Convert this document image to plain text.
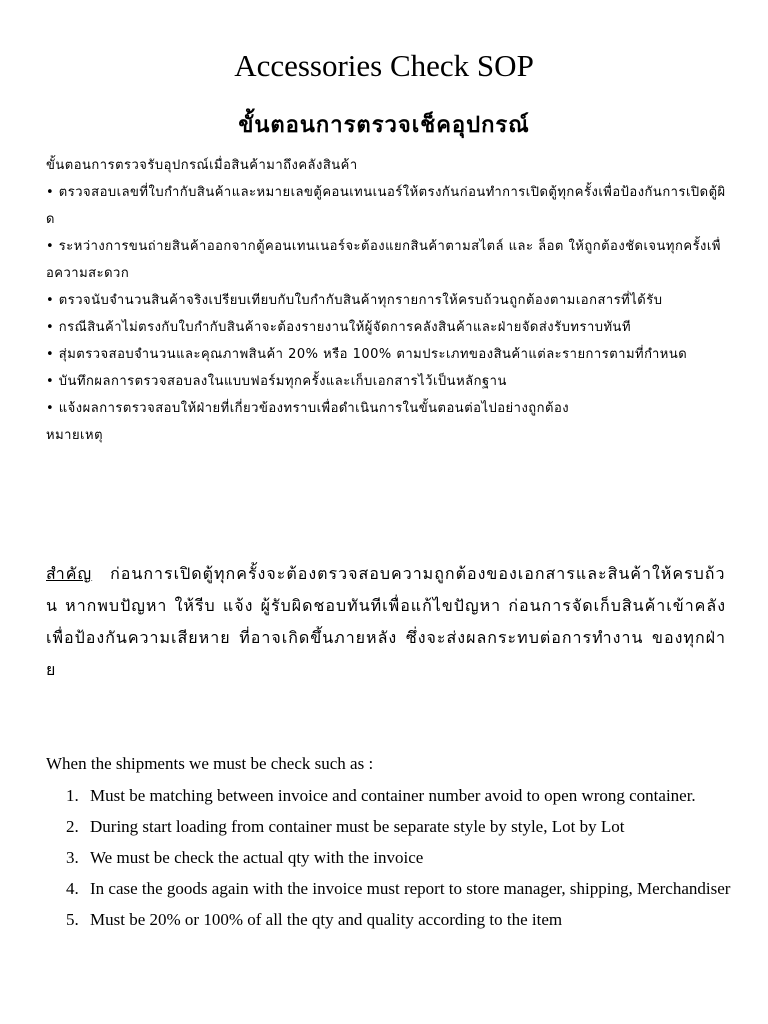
Accessories Check SOP
ขั้นตอนการตรวจเช็คอุปกรณ์

ขั้นตอนการตรวจรับอุปกรณ์เมื่อสินค้ามาถึงคลังสินค้า

• ตรวจสอบเลขที่ใบกำกับสินค้าและหมายเลขตู้คอนเทนเนอร์ให้ตรงกันก่อนทำการเปิดตู้ทุกครั้งเพื่อป้องกันการเปิดตู้ผิด

• ระหว่างการขนถ่ายสินค้าออกจากตู้คอนเทนเนอร์จะต้องแยกสินค้าตามสไตล์ และ ล็อต ให้ถูกต้องชัดเจนทุกครั้งเพื่อความสะดวก

• ตรวจนับจำนวนสินค้าจริงเปรียบเทียบกับใบกำกับสินค้าทุกรายการให้ครบถ้วนถูกต้องตามเอกสารที่ได้รับ

• กรณีสินค้าไม่ตรงกับใบกำกับสินค้าจะต้องรายงานให้ผู้จัดการคลังสินค้าและฝ่ายจัดส่งรับทราบทันที

• สุ่มตรวจสอบจำนวนและคุณภาพสินค้า 20% หรือ 100% ตามประเภทของสินค้าแต่ละรายการตามที่กำหนด

• บันทึกผลการตรวจสอบลงในแบบฟอร์มทุกครั้งและเก็บเอกสารไว้เป็นหลักฐาน

• แจ้งผลการตรวจสอบให้ฝ่ายที่เกี่ยวข้องทราบเพื่อดำเนินการในขั้นตอนต่อไปอย่างถูกต้อง

หมายเหตุ

สำคัญ ก่อนการเปิดตู้ทุกครั้งจะต้องตรวจสอบความถูกต้องของเอกสารและสินค้าให้ครบถ้วน หากพบปัญหา ให้รีบ แจ้ง ผู้รับผิดชอบทันทีเพื่อแก้ไขปัญหา ก่อนการจัดเก็บสินค้าเข้าคลังเพื่อป้องกันความเสียหาย ที่อาจเกิดขึ้นภายหลัง ซึ่งจะส่งผลกระทบต่อการทำงาน ของทุกฝ่าย

When the shipments we must be check such as :

1. Must be matching between invoice and container number avoid to open wrong container.
2. During start loading from container must be separate style by style, Lot by Lot
3. We must be check the actual qty with the invoice
4. In case the goods again with the invoice must report to store manager, shipping, Merchandiser
5. Must be 20% or 100% of all the qty and quality according to the item
